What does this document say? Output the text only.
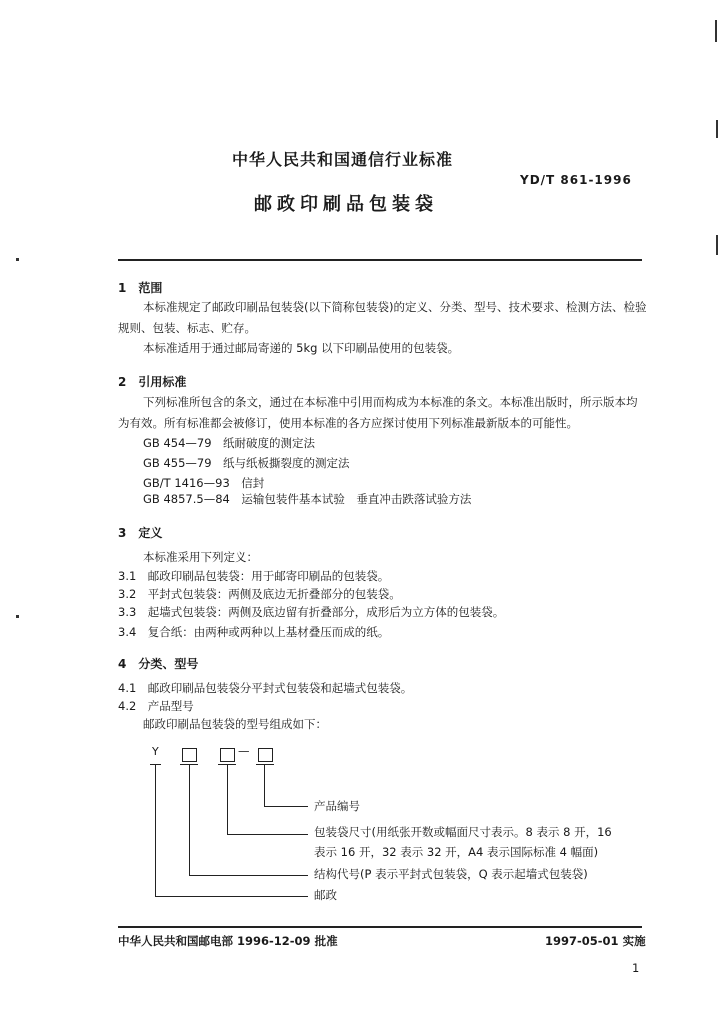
中华人民共和国通信行业标准
YD/T 861-1996
邮政印刷品包装袋
1　范围
本标准规定了邮政印刷品包装袋(以下简称包装袋)的定义、分类、型号、技术要求、检测方法、检验
规则、包装、标志、贮存。
本标准适用于通过邮局寄递的 5kg 以下印刷品使用的包装袋。
2　引用标准
下列标准所包含的条文，通过在本标准中引用而构成为本标准的条文。本标准出版时，所示版本均
为有效。所有标准都会被修订，使用本标准的各方应探讨使用下列标准最新版本的可能性。
GB 454—79　纸耐破度的测定法
GB 455—79　纸与纸板撕裂度的测定法
GB/T 1416—93　信封
GB 4857.5—84　运输包装件基本试验　垂直冲击跌落试验方法
3　定义
本标准采用下列定义：
3.1　邮政印刷品包装袋：用于邮寄印刷品的包装袋。
3.2　平封式包装袋：两侧及底边无折叠部分的包装袋。
3.3　起墙式包装袋：两侧及底边留有折叠部分，成形后为立方体的包装袋。
3.4　复合纸：由两种或两种以上基材叠压而成的纸。
4　分类、型号
4.1　邮政印刷品包装袋分平封式包装袋和起墙式包装袋。
4.2　产品型号
邮政印刷品包装袋的型号组成如下：
Y	—
产品编号
包装袋尺寸(用纸张开数或幅面尺寸表示。8 表示 8 开，16
表示 16 开，32 表示 32 开，A4 表示国际标准 4 幅面)
结构代号(P 表示平封式包装袋，Q 表示起墙式包装袋)
邮政
中华人民共和国邮电部 1996-12-09 批准	1997-05-01 实施
1
